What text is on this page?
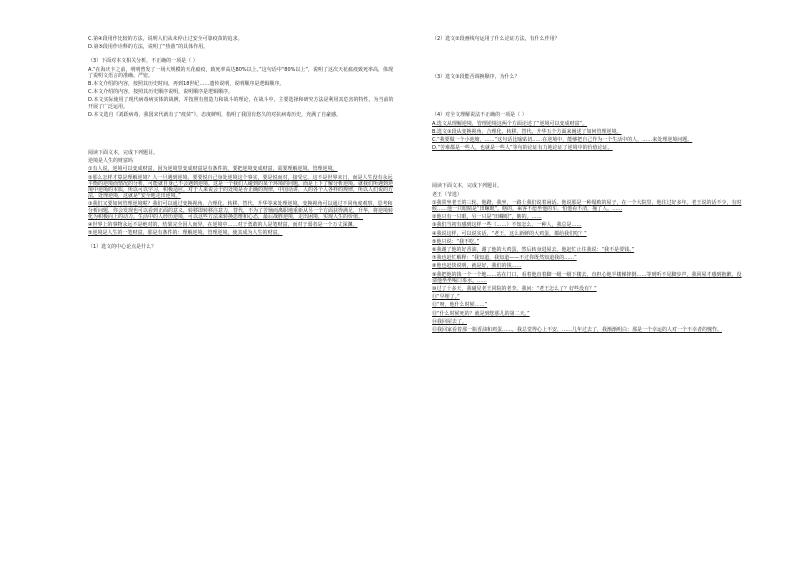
C.第④段用作比较的方法，说明人们从未停止过安全可靠疫苗的追求。

D.第⑤段用作诠释的方法，说明了“热凿”的具体作用。

（3）下面对本文相关分析，不正确的一项是（ ）

A.“在海庆卡之前，明明曾发了一场大规模的天花瘟疫，致死率高达80%以上。”这句话中“80%以上”，说明了这次天花瘟疫致死率高，体现了说明文语言的准确、严密。

B.本文介绍的内容，按照其历史时间，再到18世纪……遗传说明，说明顺序是逻辑顺序。

C.本文介绍的内容，按照其历史顺序说明，说明顺序是逻辑顺序。

D.本文实际使用了现代病毒病实体的战例，并按照有创造力和战斗的理论，在战斗中，主要选择和研究方法是利用其危害的特性，为当前的开展了广泛运用。

D.本文选自《刘跃病毒，我国宋代就有了“疫苗”》，态度鲜明，指明了我国有悠久的对抗病毒历史，充满了自豪感。

阅读下面文本，完成下列题目。

逆境是人生的财富吗

①有人说，逆境可以变成财富，因为逆境里变成财富是有条件的。要把逆境变成财富，需要理解逆境、管理逆境。

②那么怎样才算是理解逆境？人一旦遇到逆境，要要悦自己身处逆境这个事实，要是悦而对，接受它。这不是世界末日，而是人生没有永远平衡的逆境而情况的分析，可能就自身己不会遇到逆境。这是一个我们人碰到的某个环境的问题，而是上下了解分析逆境。就我们所遇到逆境中逆境的本质，所以可以学习，积极适应。对于人来说会于的处境是否正确的规律，中国话讲，人的各个人各样的规律，所以人们说的方法，处理逆境，这就是“安全地走出逆境。”

③我们又要如何管理逆境呢？我们可以通过变换视角、合理化、转移、替代、升华等来处理逆境。变换视角可以通过不同角度观察，思考和分析问题，你会发现也可以看到正面的意义，转移即转移注意力，替代，不为了苦恼而离职地重新从另一个方面获得满足，升华，将逆境转化为积极向上的动力。生活中的人经历逆境，可以这些方法来转换思维和心态，最后战胜逆境，走出困境，实现人生的价值。

④世界上的事物永远不是绝对的，结果完全因人而异。在逆境中……对于勇敢的人是笔财富，而对于弱者是一个万丈深渊。

⑤逆境是人生的一笔财富，那是有条件的：理解逆境、管理逆境，使其成为人生的财富。

（1）选文的中心论点是什么？

（2）选文②段画线句运用了什么论证方法，有什么作用？

（3）选文③段能否调换顺序，为什么？

（4）对全文理解说法不正确的一项是（ ）

A.选文从理解逆境，管理逆境这两个方面论述了“逆境可以变成财富”。

B.选文③段从变换视角、合理化、转移、替代、升华五个方面来阐述了如何管理逆境。

C.“我要做一个小池塘，……”这句话比喻贴切……在逆境中，能够把自己作为一个生活中的人，……来处理逆境问题。

D.“苦难都是一些人，也就是一些人”等句的论证有力地论证了逆境中的价值论证。

阅读下面文本，完成下列题目。

老王（节选）

①我常坐老王的三轮。他蹬，我坐，一路上我们说着闲话。他说那是一种塌败的屋子，在一个大院里，他住过好多年。老王说的话不少，有时候……他一只眼睛是“田螺眼”，瞎的，乘客不愿坐他的车，怕他看不清，撞了人。……

②他只有一只眼，另一只是“田螺眼”，瞎的。……

③我们当初有感到这样一些（……）不知怎么，一种人，我总是……

④我说这样，可以说实话，“老王，这么新鲜的大鸡蛋，都给我们吃？”

⑤他只说：“我不吃。”

⑥我谢了他的好香油，谢了他的大鸡蛋，然后转身进屋去。他赶忙止住我说：“我不是要钱。”

⑦我也赶忙解释：“我知道，我知道——不过你既然知道我的……”

⑧他也赶快说明，就是好，我们的钱……

⑨我把他的钱一个一个地……站在门口，看着他直着脚一级一级下楼去，直担心他半楼梯摔倒……等到听不见脚步声，我回屋才感到抱歉，没请他坐坐喝口茶水。……

⑩过了十多天，我碰见老王同院的老李。我问：“老王怎么了？好些没有？”

⑪“早埋了。”

⑫“呀，他什么时候……”

⑬“什么时候死的？就是到您那儿的第二天。”

⑭我回屋去了。

⑮我回家看着那一瓶香油和鸡蛋……，我总觉得心上不安，……几年过去了，我渐渐明白：那是一个幸运的人对一个不幸者的愧怍。
